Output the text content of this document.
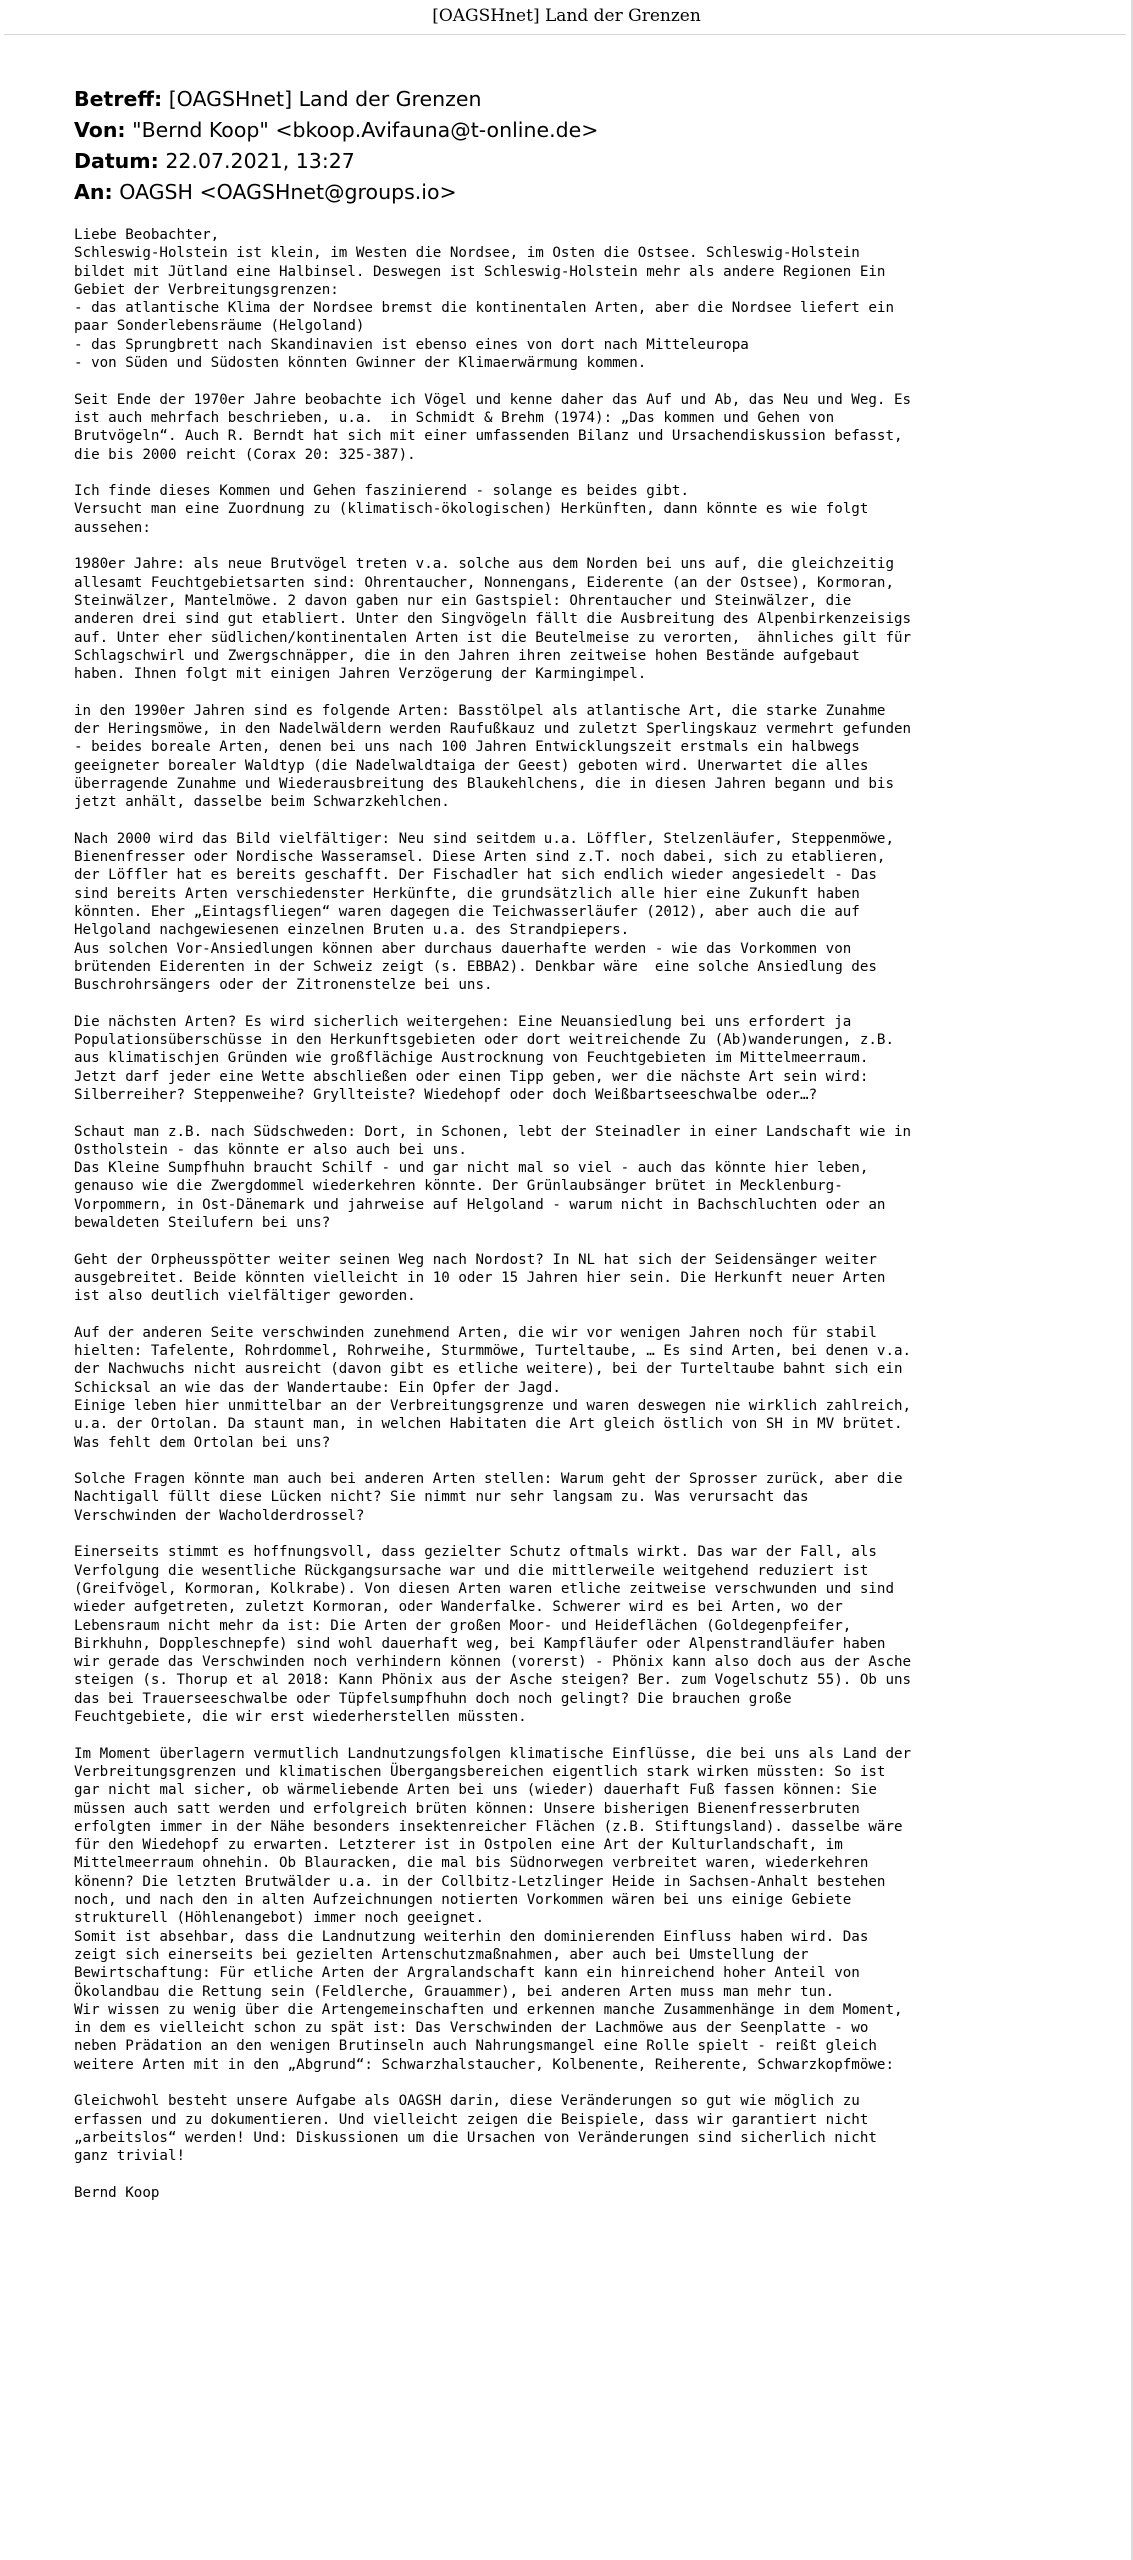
[OAGSHnet] Land der Grenzen
Betreff: [OAGSHnet] Land der Grenzen
Von: "Bernd Koop" <bkoop.Avifauna@t-online.de>
Datum: 22.07.2021, 13:27
An: OAGSH <OAGSHnet@groups.io>
Liebe Beobachter,
Schleswig-Holstein ist klein, im Westen die Nordsee, im Osten die Ostsee. Schleswig-Holstein
bildet mit Jütland eine Halbinsel. Deswegen ist Schleswig-Holstein mehr als andere Regionen Ein
Gebiet der Verbreitungsgrenzen:
- das atlantische Klima der Nordsee bremst die kontinentalen Arten, aber die Nordsee liefert ein
paar Sonderlebensräume (Helgoland)
- das Sprungbrett nach Skandinavien ist ebenso eines von dort nach Mitteleuropa
- von Süden und Südosten könnten Gwinner der Klimaerwärmung kommen.

Seit Ende der 1970er Jahre beobachte ich Vögel und kenne daher das Auf und Ab, das Neu und Weg. Es
ist auch mehrfach beschrieben, u.a.  in Schmidt & Brehm (1974): „Das kommen und Gehen von
Brutvögeln“. Auch R. Berndt hat sich mit einer umfassenden Bilanz und Ursachendiskussion befasst,
die bis 2000 reicht (Corax 20: 325-387).

Ich finde dieses Kommen und Gehen faszinierend - solange es beides gibt.
Versucht man eine Zuordnung zu (klimatisch-ökologischen) Herkünften, dann könnte es wie folgt
aussehen:

1980er Jahre: als neue Brutvögel treten v.a. solche aus dem Norden bei uns auf, die gleichzeitig
allesamt Feuchtgebietsarten sind: Ohrentaucher, Nonnengans, Eiderente (an der Ostsee), Kormoran,
Steinwälzer, Mantelmöwe. 2 davon gaben nur ein Gastspiel: Ohrentaucher und Steinwälzer, die
anderen drei sind gut etabliert. Unter den Singvögeln fällt die Ausbreitung des Alpenbirkenzeisigs
auf. Unter eher südlichen/kontinentalen Arten ist die Beutelmeise zu verorten,  ähnliches gilt für
Schlagschwirl und Zwergschnäpper, die in den Jahren ihren zeitweise hohen Bestände aufgebaut
haben. Ihnen folgt mit einigen Jahren Verzögerung der Karmingimpel.

in den 1990er Jahren sind es folgende Arten: Basstölpel als atlantische Art, die starke Zunahme
der Heringsmöwe, in den Nadelwäldern werden Raufußkauz und zuletzt Sperlingskauz vermehrt gefunden
- beides boreale Arten, denen bei uns nach 100 Jahren Entwicklungszeit erstmals ein halbwegs
geeigneter borealer Waldtyp (die Nadelwaldtaiga der Geest) geboten wird. Unerwartet die alles
überragende Zunahme und Wiederausbreitung des Blaukehlchens, die in diesen Jahren begann und bis
jetzt anhält, dasselbe beim Schwarzkehlchen.

Nach 2000 wird das Bild vielfältiger: Neu sind seitdem u.a. Löffler, Stelzenläufer, Steppenmöwe,
Bienenfresser oder Nordische Wasseramsel. Diese Arten sind z.T. noch dabei, sich zu etablieren,
der Löffler hat es bereits geschafft. Der Fischadler hat sich endlich wieder angesiedelt - Das
sind bereits Arten verschiedenster Herkünfte, die grundsätzlich alle hier eine Zukunft haben
könnten. Eher „Eintagsfliegen“ waren dagegen die Teichwasserläufer (2012), aber auch die auf
Helgoland nachgewiesenen einzelnen Bruten u.a. des Strandpiepers.
Aus solchen Vor-Ansiedlungen können aber durchaus dauerhafte werden - wie das Vorkommen von
brütenden Eiderenten in der Schweiz zeigt (s. EBBA2). Denkbar wäre  eine solche Ansiedlung des
Buschrohrsängers oder der Zitronenstelze bei uns.

Die nächsten Arten? Es wird sicherlich weitergehen: Eine Neuansiedlung bei uns erfordert ja
Populationsüberschüsse in den Herkunftsgebieten oder dort weitreichende Zu (Ab)wanderungen, z.B.
aus klimatischjen Gründen wie großflächige Austrocknung von Feuchtgebieten im Mittelmeerraum.
Jetzt darf jeder eine Wette abschließen oder einen Tipp geben, wer die nächste Art sein wird:
Silberreiher? Steppenweihe? Gryllteiste? Wiedehopf oder doch Weißbartseeschwalbe oder…?

Schaut man z.B. nach Südschweden: Dort, in Schonen, lebt der Steinadler in einer Landschaft wie in
Ostholstein - das könnte er also auch bei uns.
Das Kleine Sumpfhuhn braucht Schilf - und gar nicht mal so viel - auch das könnte hier leben,
genauso wie die Zwergdommel wiederkehren könnte. Der Grünlaubsänger brütet in Mecklenburg-
Vorpommern, in Ost-Dänemark und jahrweise auf Helgoland - warum nicht in Bachschluchten oder an
bewaldeten Steilufern bei uns?

Geht der Orpheusspötter weiter seinen Weg nach Nordost? In NL hat sich der Seidensänger weiter
ausgebreitet. Beide könnten vielleicht in 10 oder 15 Jahren hier sein. Die Herkunft neuer Arten
ist also deutlich vielfältiger geworden.

Auf der anderen Seite verschwinden zunehmend Arten, die wir vor wenigen Jahren noch für stabil
hielten: Tafelente, Rohrdommel, Rohrweihe, Sturmmöwe, Turteltaube, … Es sind Arten, bei denen v.a.
der Nachwuchs nicht ausreicht (davon gibt es etliche weitere), bei der Turteltaube bahnt sich ein
Schicksal an wie das der Wandertaube: Ein Opfer der Jagd.
Einige leben hier unmittelbar an der Verbreitungsgrenze und waren deswegen nie wirklich zahlreich,
u.a. der Ortolan. Da staunt man, in welchen Habitaten die Art gleich östlich von SH in MV brütet.
Was fehlt dem Ortolan bei uns?

Solche Fragen könnte man auch bei anderen Arten stellen: Warum geht der Sprosser zurück, aber die
Nachtigall füllt diese Lücken nicht? Sie nimmt nur sehr langsam zu. Was verursacht das
Verschwinden der Wacholderdrossel?

Einerseits stimmt es hoffnungsvoll, dass gezielter Schutz oftmals wirkt. Das war der Fall, als
Verfolgung die wesentliche Rückgangsursache war und die mittlerweile weitgehend reduziert ist
(Greifvögel, Kormoran, Kolkrabe). Von diesen Arten waren etliche zeitweise verschwunden und sind
wieder aufgetreten, zuletzt Kormoran, oder Wanderfalke. Schwerer wird es bei Arten, wo der
Lebensraum nicht mehr da ist: Die Arten der großen Moor- und Heideflächen (Goldegenpfeifer,
Birkhuhn, Doppleschnepfe) sind wohl dauerhaft weg, bei Kampfläufer oder Alpenstrandläufer haben
wir gerade das Verschwinden noch verhindern können (vorerst) - Phönix kann also doch aus der Asche
steigen (s. Thorup et al 2018: Kann Phönix aus der Asche steigen? Ber. zum Vogelschutz 55). Ob uns
das bei Trauerseeschwalbe oder Tüpfelsumpfhuhn doch noch gelingt? Die brauchen große
Feuchtgebiete, die wir erst wiederherstellen müssten.

Im Moment überlagern vermutlich Landnutzungsfolgen klimatische Einflüsse, die bei uns als Land der
Verbreitungsgrenzen und klimatischen Übergangsbereichen eigentlich stark wirken müssten: So ist
gar nicht mal sicher, ob wärmeliebende Arten bei uns (wieder) dauerhaft Fuß fassen können: Sie
müssen auch satt werden und erfolgreich brüten können: Unsere bisherigen Bienenfresserbruten
erfolgten immer in der Nähe besonders insektenreicher Flächen (z.B. Stiftungsland). dasselbe wäre
für den Wiedehopf zu erwarten. Letzterer ist in Ostpolen eine Art der Kulturlandschaft, im
Mittelmeerraum ohnehin. Ob Blauracken, die mal bis Südnorwegen verbreitet waren, wiederkehren
könenn? Die letzten Brutwälder u.a. in der Collbitz-Letzlinger Heide in Sachsen-Anhalt bestehen
noch, und nach den in alten Aufzeichnungen notierten Vorkommen wären bei uns einige Gebiete
strukturell (Höhlenangebot) immer noch geeignet.
Somit ist absehbar, dass die Landnutzung weiterhin den dominierenden Einfluss haben wird. Das
zeigt sich einerseits bei gezielten Artenschutzmaßnahmen, aber auch bei Umstellung der
Bewirtschaftung: Für etliche Arten der Argralandschaft kann ein hinreichend hoher Anteil von
Ökolandbau die Rettung sein (Feldlerche, Grauammer), bei anderen Arten muss man mehr tun.
Wir wissen zu wenig über die Artengemeinschaften und erkennen manche Zusammenhänge in dem Moment,
in dem es vielleicht schon zu spät ist: Das Verschwinden der Lachmöwe aus der Seenplatte - wo
neben Prädation an den wenigen Brutinseln auch Nahrungsmangel eine Rolle spielt - reißt gleich
weitere Arten mit in den „Abgrund“: Schwarzhalstaucher, Kolbenente, Reiherente, Schwarzkopfmöwe:

Gleichwohl besteht unsere Aufgabe als OAGSH darin, diese Veränderungen so gut wie möglich zu
erfassen und zu dokumentieren. Und vielleicht zeigen die Beispiele, dass wir garantiert nicht
„arbeitslos“ werden! Und: Diskussionen um die Ursachen von Veränderungen sind sicherlich nicht
ganz trivial!

Bernd Koop
